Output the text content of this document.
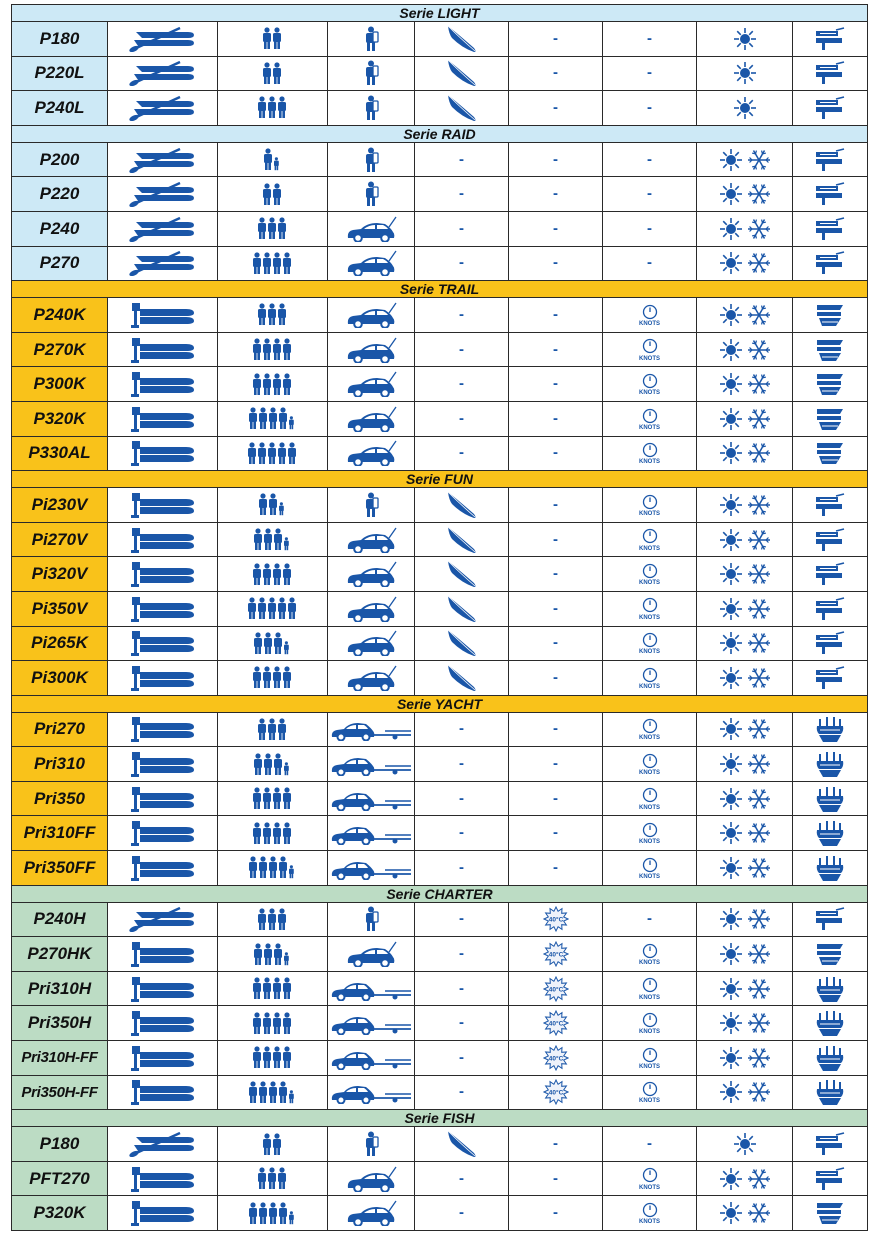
Serie LIGHT								
P180					-	-		
P220L					-	-		
P240L					-	-		
Serie RAID								
P200				-	-	-	

P220				-	-	-	

P240				-	-	-	

P270				-	-	-	

Serie TRAIL								
P240K				-	-	KNOTS

P270K				-	-	KNOTS

P300K				-	-	KNOTS

P320K				-	-	KNOTS

P330AL				-	-	KNOTS

Serie FUN								
Pi230V					-	KNOTS

Pi270V					-	KNOTS

Pi320V					-	KNOTS

Pi350V					-	KNOTS

Pi265K					-	KNOTS

Pi300K					-	KNOTS

Serie YACHT								
Pri270				-	-	KNOTS

Pri310				-	-	KNOTS

Pri350				-	-	KNOTS

Pri310FF				-	-	KNOTS

Pri350FF				-	-	KNOTS

Serie CHARTER								
P240H				-	40°C	-	

P270HK				-	40°C	KNOTS

Pri310H				-	40°C	KNOTS

Pri350H				-	40°C	KNOTS

Pri310H-FF				-	40°C	KNOTS

Pri350H-FF				-	40°C	KNOTS

Serie FISH								
P180					-	-		
PFT270				-	-	KNOTS

P320K				-	-	KNOTS
